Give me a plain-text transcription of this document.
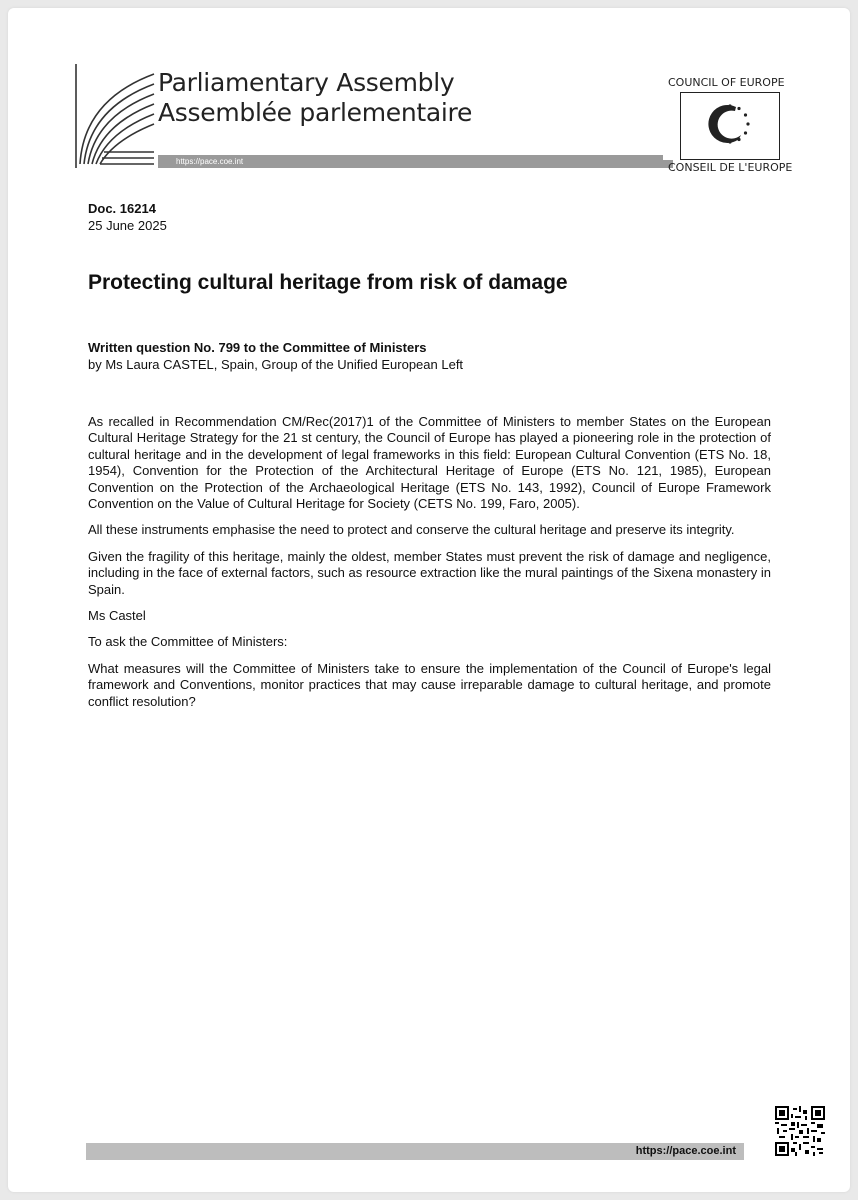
Parliamentary Assembly
Assemblée parlementaire
https://pace.coe.int
COUNCIL OF EUROPE
CONSEIL DE L'EUROPE
Doc. 16214
25 June 2025
Protecting cultural heritage from risk of damage
Written question No. 799 to the Committee of Ministers
by Ms Laura CASTEL, Spain, Group of the Unified European Left

As recalled in Recommendation CM/Rec(2017)1 of the Committee of Ministers to member States on the European Cultural Heritage Strategy for the 21 st century, the Council of Europe has played a pioneering role in the protection of cultural heritage and in the development of legal frameworks in this field: European Cultural Convention (ETS No. 18, 1954), Convention for the Protection of the Architectural Heritage of Europe (ETS No. 121, 1985), European Convention on the Protection of the Archaeological Heritage (ETS No. 143, 1992), Council of Europe Framework Convention on the Value of Cultural Heritage for Society (CETS No. 199, Faro, 2005).

All these instruments emphasise the need to protect and conserve the cultural heritage and preserve its integrity.

Given the fragility of this heritage, mainly the oldest, member States must prevent the risk of damage and negligence, including in the face of external factors, such as resource extraction like the mural paintings of the Sixena monastery in Spain.

Ms Castel

To ask the Committee of Ministers:

What measures will the Committee of Ministers take to ensure the implementation of the Council of Europe's legal framework and Conventions, monitor practices that may cause irreparable damage to cultural heritage, and promote conflict resolution?

https://pace.coe.int
